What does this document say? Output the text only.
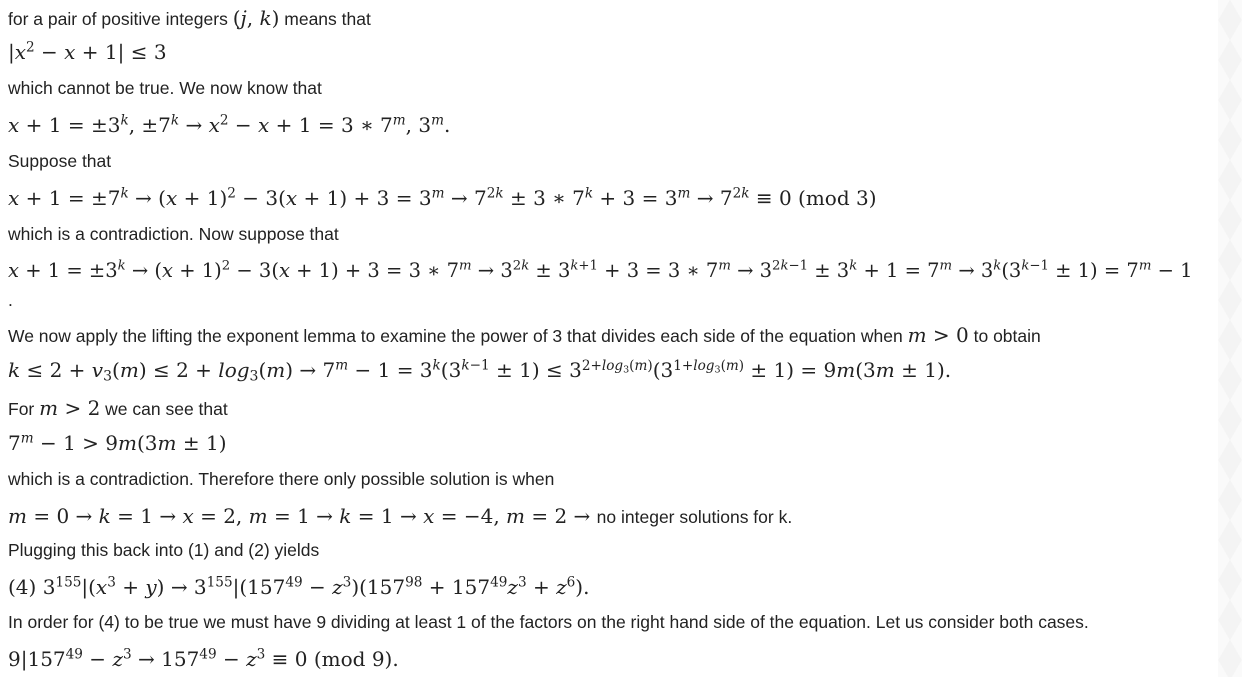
for a pair of positive integers (j, k) means that
$|x^2 - x + 1| \le 3$
which cannot be true. We now know that
$x + 1 = \pm 3^k$, $\pm 7^k \to x^2 - x + 1 = 3$ ∗ 7$^m$, 3$^m$.
Suppose that
$x + 1 = \pm 7^k \to (x + 1)^2 - 3(x + 1) + 3 = 3^m \to 7^{2k} \pm 3$ ∗ $7^k + 3 = 3^m \to 7^{2k} \equiv 0$ (mod 3)
which is a contradiction. Now suppose that
$x + 1 = \pm 3^k \to (x + 1)^2 - 3(x + 1) + 3 = 3$ ∗ $7^m \to 3^{2k} \pm 3^{k+1} + 3 = 3$ ∗ $7^m \to 3^{2k-1} \pm 3^k + 1 = 7^m \to 3^k(3^{k-1} \pm 1) = 7^m - 1$
.
We now apply the lifting the exponent lemma to examine the power of 3 that divides each side of the equation when m > 0 to obtain
$k \le 2 + v_3(m) \le 2 + \log_3(m) \to 7^m - 1 = 3^k(3^{k-1} \pm 1) \le 3^{2+log_3(m)}(3^{1+log_3(m)} \pm 1) = 9m(3m \pm 1)$.
For m > 2 we can see that
$7^m - 1 > 9m(3m \pm 1)$
which is a contradiction. Therefore there only possible solution is when
m = 0 → k = 1 → x = 2, m = 1 → k = 1 → x = −4, m = 2 → no integer solutions for k.
Plugging this back into (1) and (2) yields
(4) $3^{155}|(x^3 + y) \to 3^{155}|(157^{49} - z^3)(157^{98} + 157^{49}z^3 + z^6)$.
In order for (4) to be true we must have 9 dividing at least 1 of the factors on the right hand side of the equation. Let us consider both cases.
$9|157^{49} - z^3 \to 157^{49} - z^3 \equiv 0$ (mod 9).
